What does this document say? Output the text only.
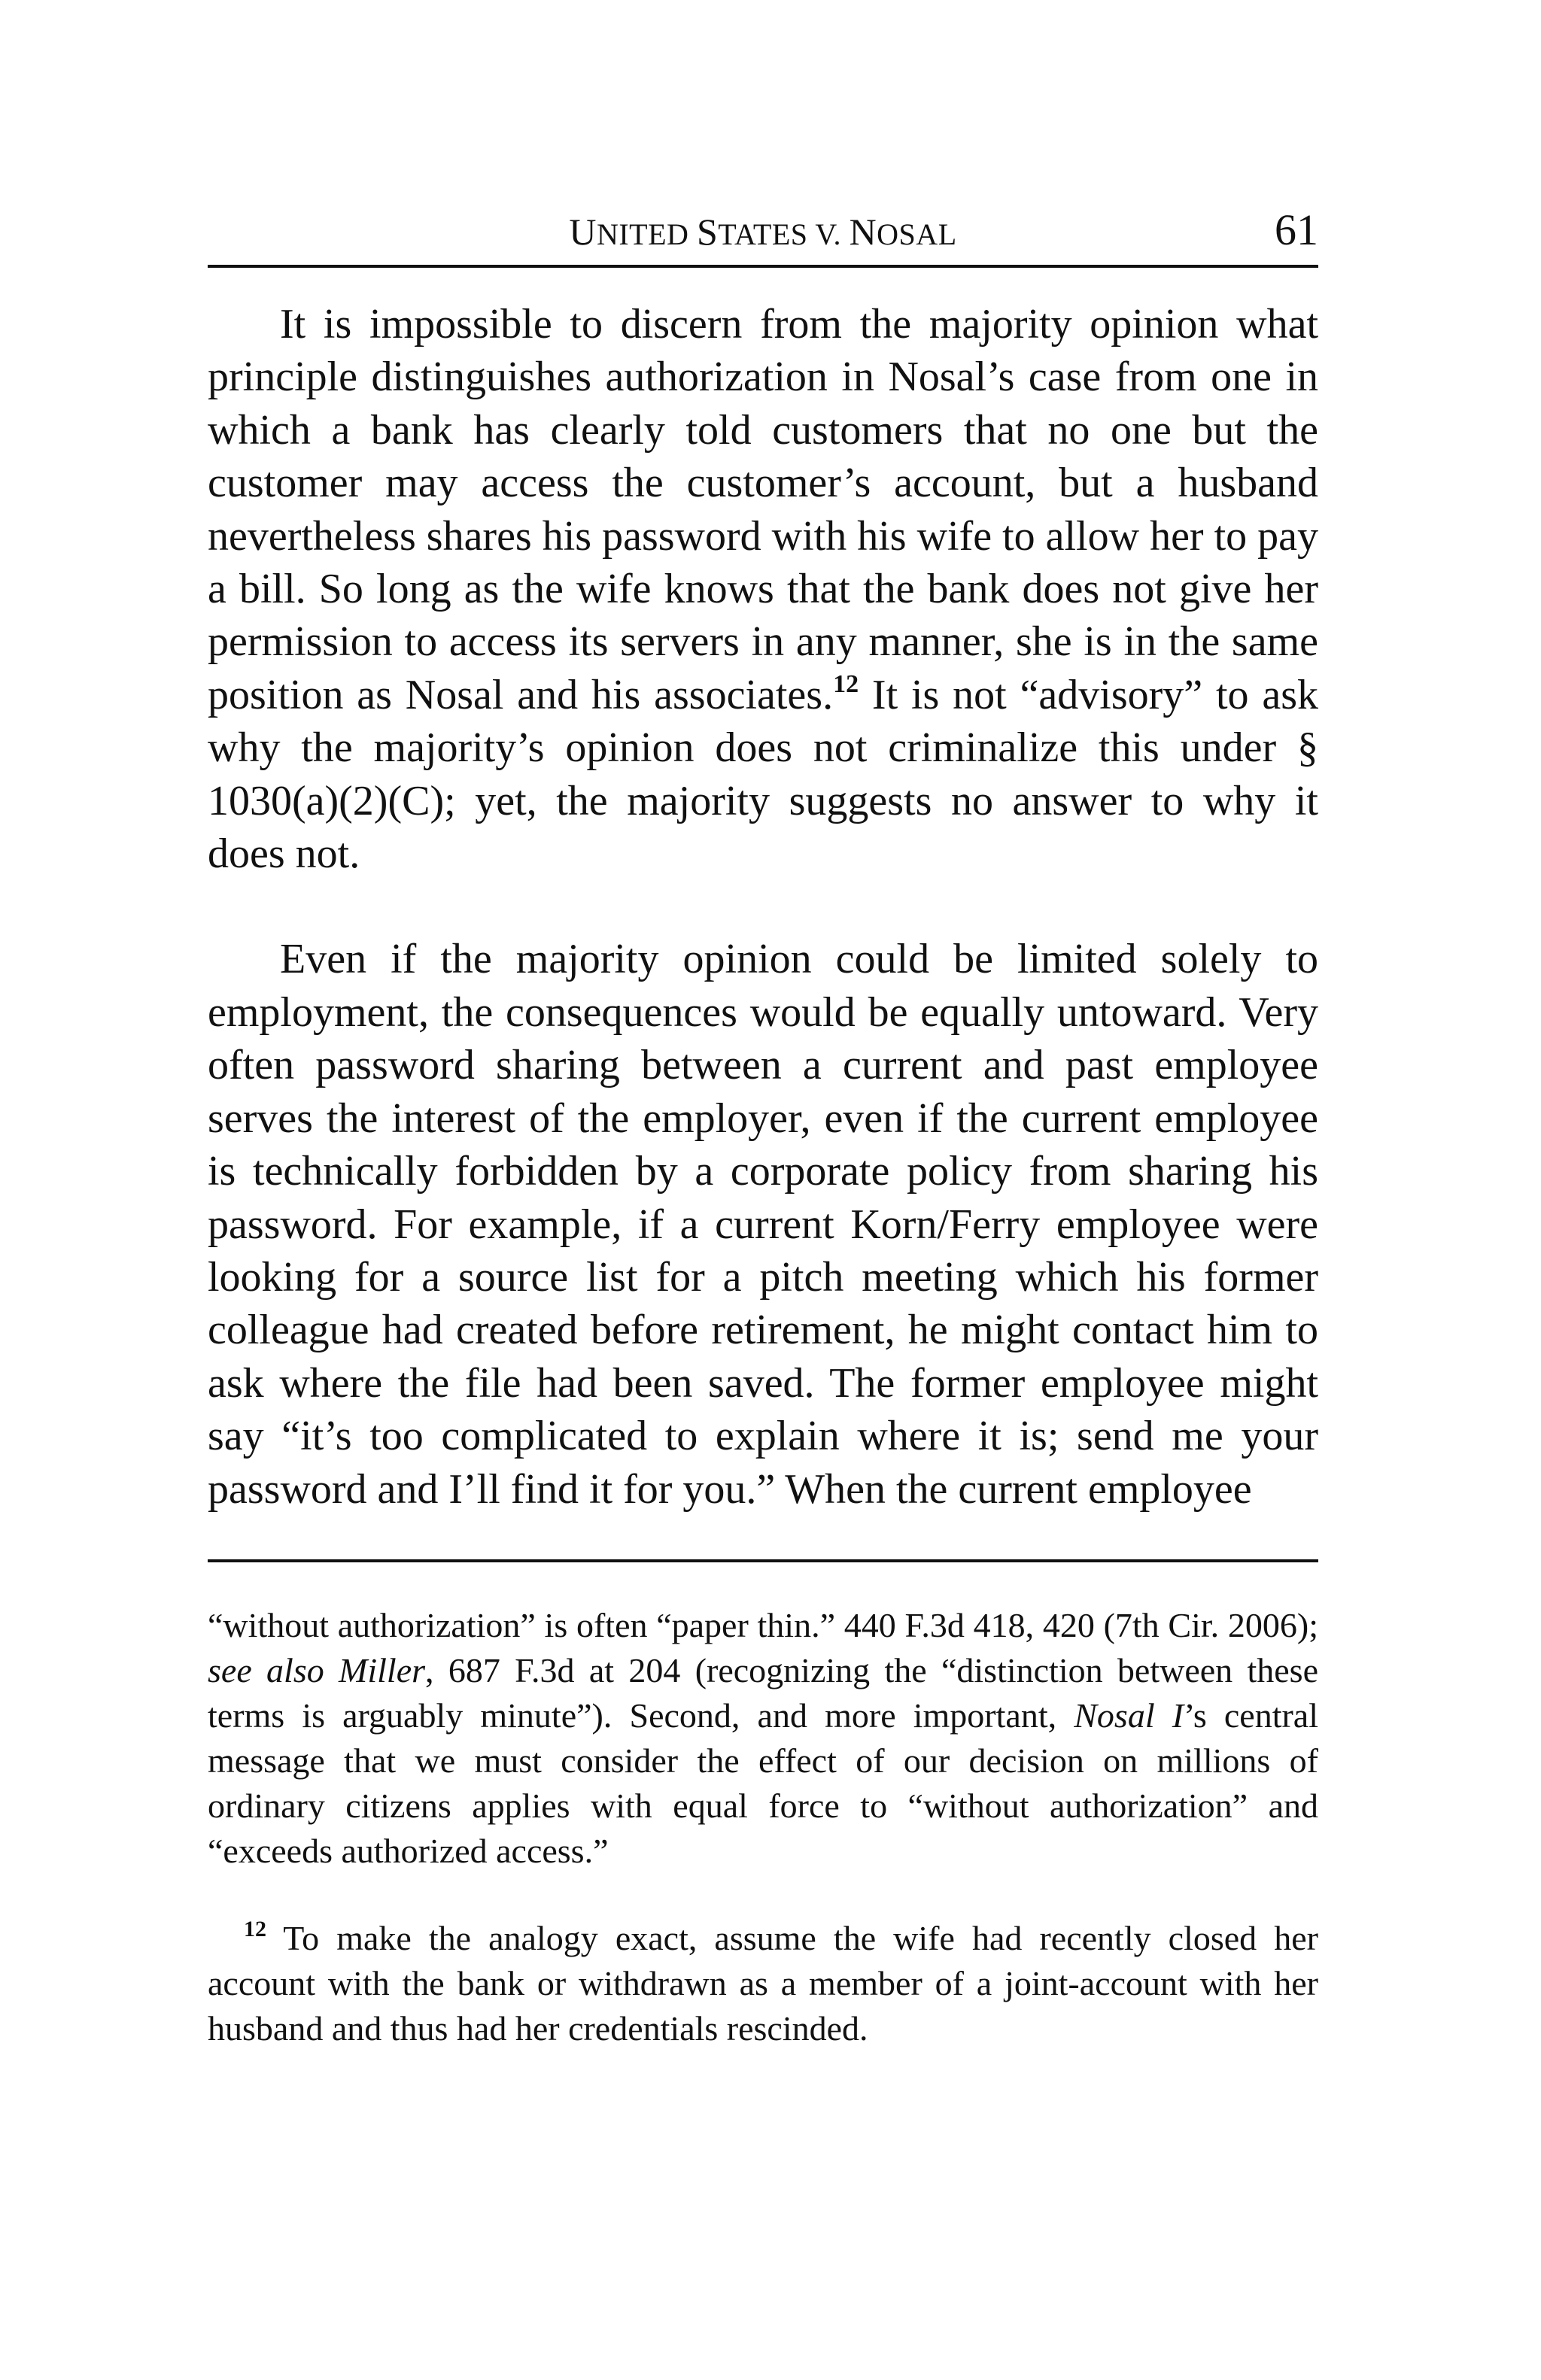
UNITED STATES V. NOSAL	61

It is impossible to discern from the majority opinion what principle distinguishes authorization in Nosal’s case from one in which a bank has clearly told customers that no one but the customer may access the customer’s account, but a husband nevertheless shares his password with his wife to allow her to pay a bill. So long as the wife knows that the bank does not give her permission to access its servers in any manner, she is in the same position as Nosal and his associates.$^{12}$ It is not “advisory” to ask why the majority’s opinion does not criminalize this under § 1030(a)(2)(C); yet, the majority suggests no answer to why it does not.

Even if the majority opinion could be limited solely to employment, the consequences would be equally untoward. Very often password sharing between a current and past employee serves the interest of the employer, even if the current employee is technically forbidden by a corporate policy from sharing his password. For example, if a current Korn/Ferry employee were looking for a source list for a pitch meeting which his former colleague had created before retirement, he might contact him to ask where the file had been saved. The former employee might say “it’s too complicated to explain where it is; send me your password and I’ll find it for you.” When the current employee

“without authorization” is often “paper thin.” 440 F.3d 418, 420 (7th Cir. 2006); see also Miller, 687 F.3d at 204 (recognizing the “distinction between these terms is arguably minute”). Second, and more important, Nosal I’s central message that we must consider the effect of our decision on millions of ordinary citizens applies with equal force to “without authorization” and “exceeds authorized access.”

$^{12}$ To make the analogy exact, assume the wife had recently closed her account with the bank or withdrawn as a member of a joint-account with her husband and thus had her credentials rescinded.
